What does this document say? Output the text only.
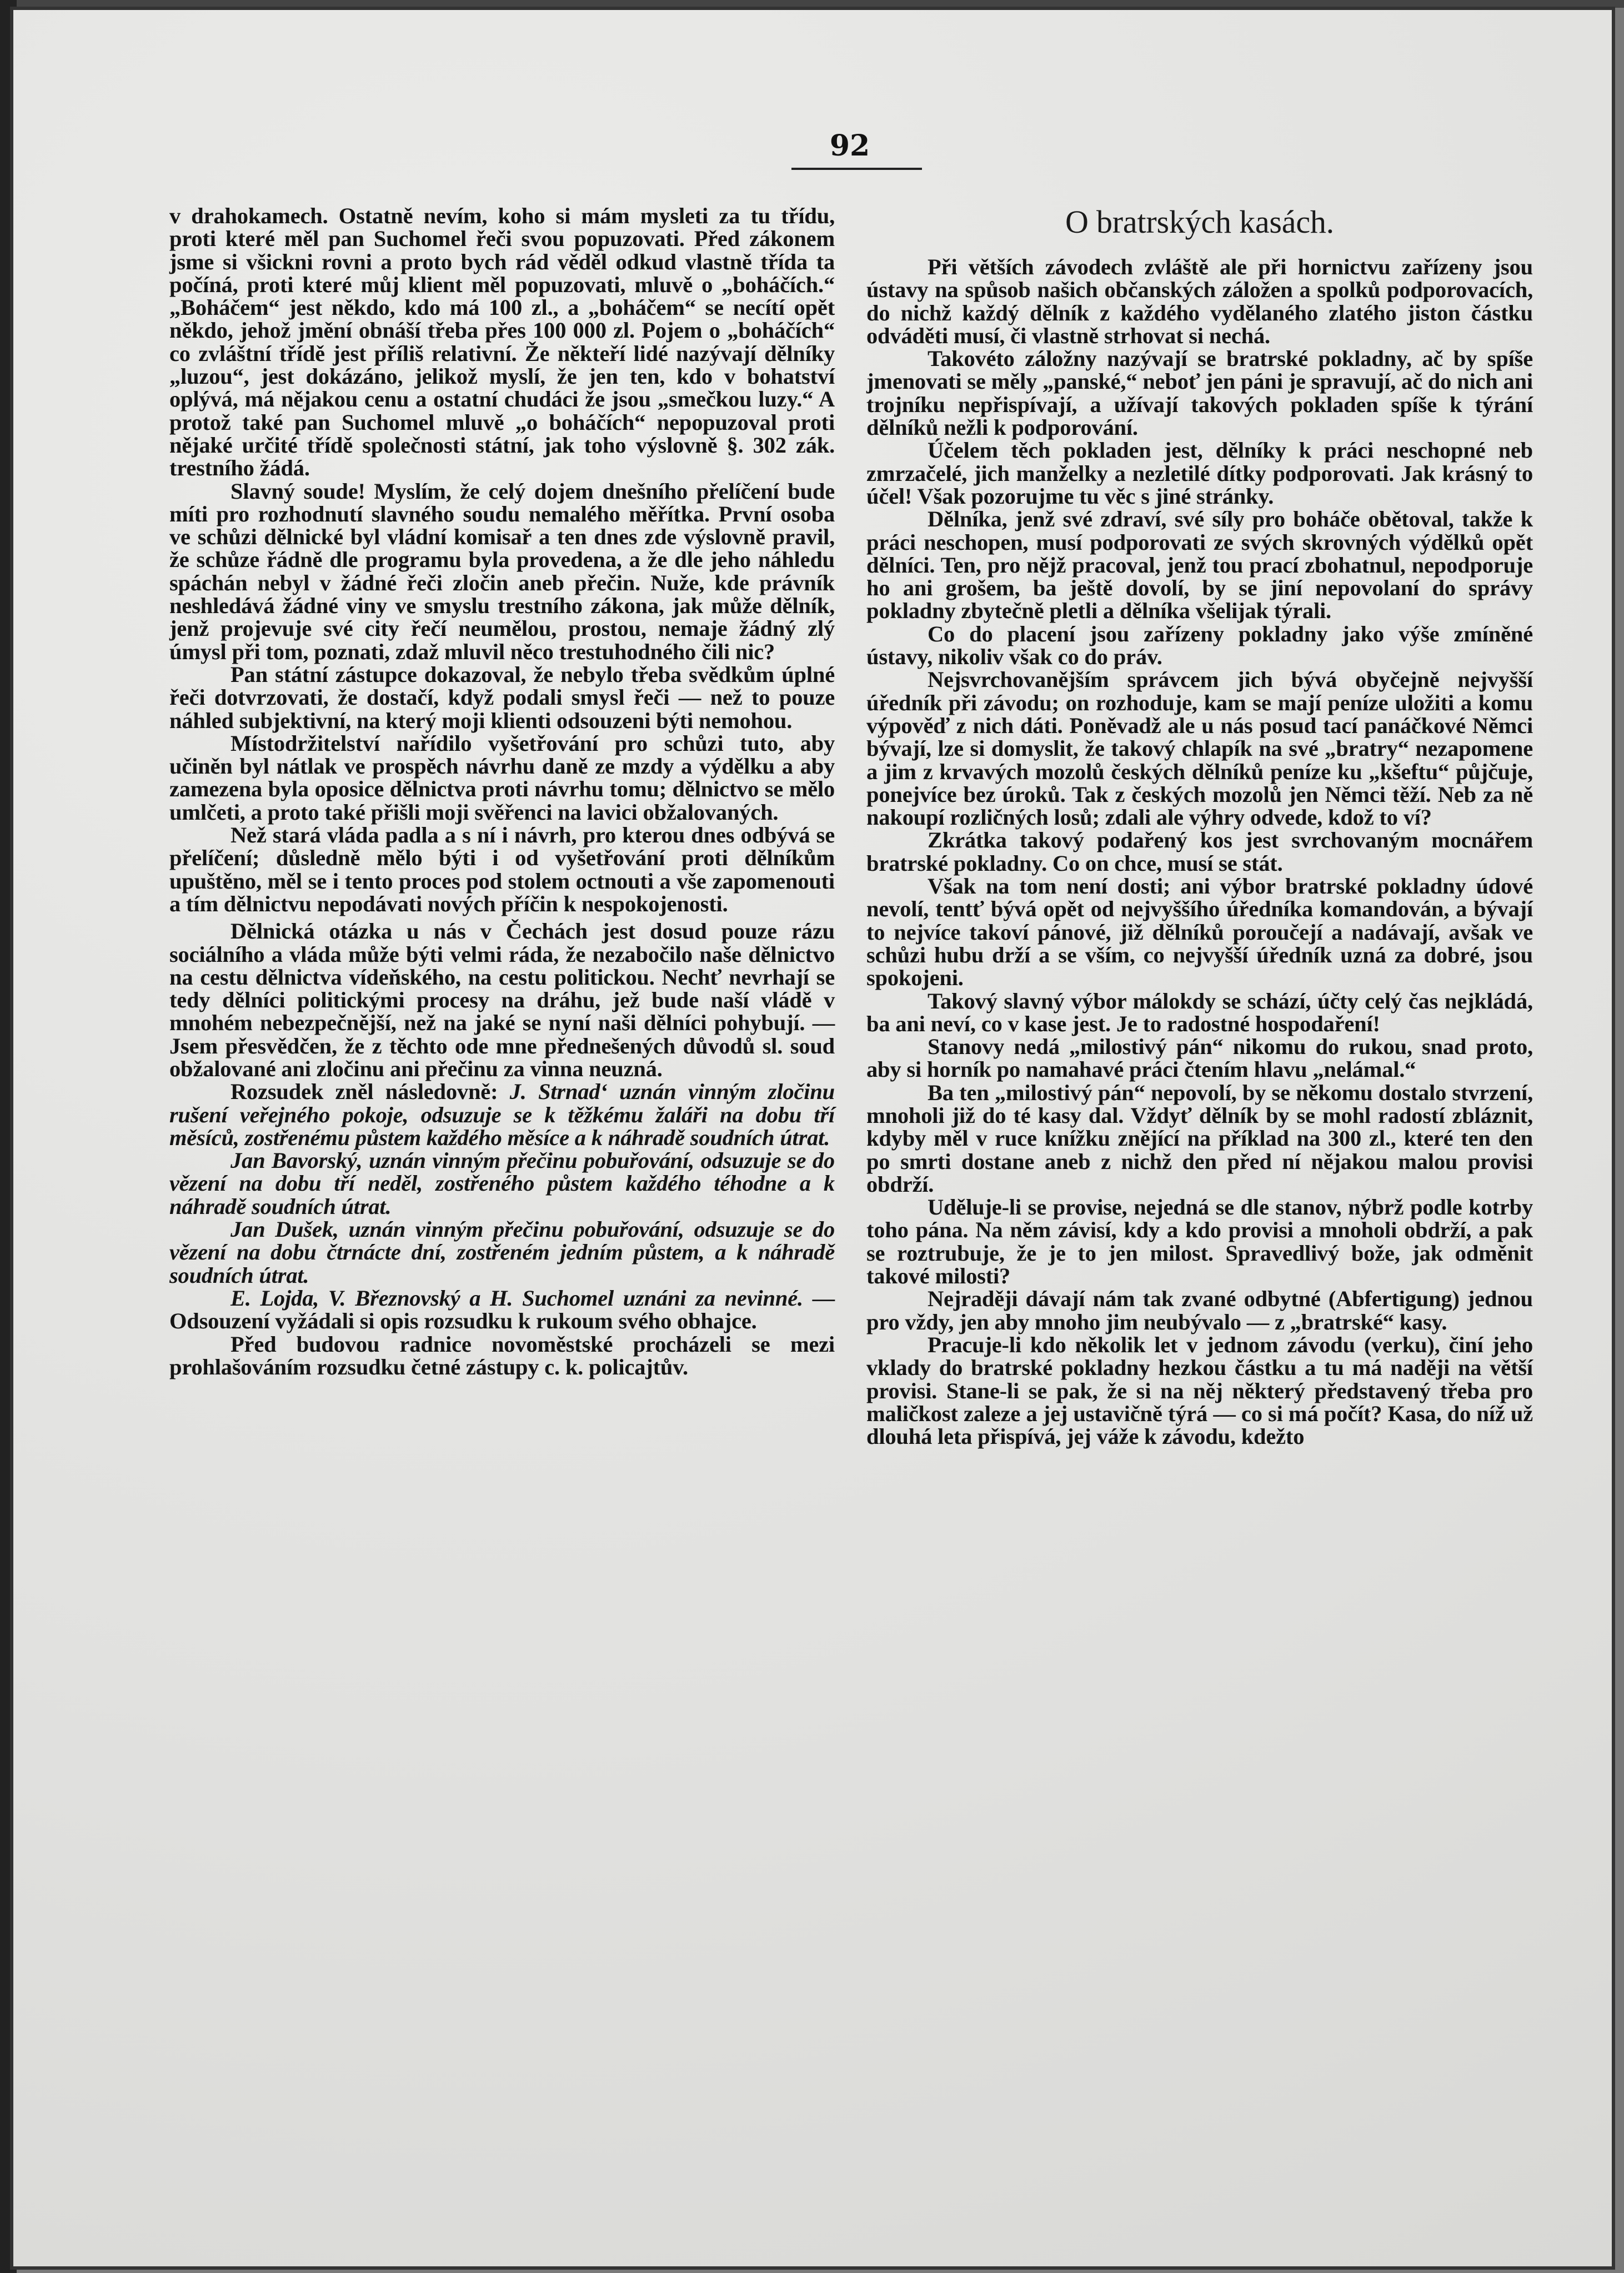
92

v drahokamech. Ostatně nevím, koho si mám mysleti za tu třídu, proti které měl pan Suchomel řeči svou popuzovati. Před zákonem jsme si všickni rovni a proto bych rád věděl odkud vlastně třída ta počíná, proti které můj klient měl popuzovati, mluvě o „boháčích.“ „Boháčem“ jest někdo, kdo má 100 zl., a „boháčem“ se necítí opět někdo, jehož jmění obnáší třeba přes 100 000 zl. Pojem o „boháčích“ co zvláštní třídě jest příliš relativní. Že někteří lidé nazývají dělníky „luzou“, jest dokázáno, jelikož myslí, že jen ten, kdo v bohatství oplývá, má nějakou cenu a ostatní chudáci že jsou „smečkou luzy.“ A protož také pan Suchomel mluvě „o boháčích“ nepopuzoval proti nějaké určité třídě společnosti státní, jak toho výslovně §. 302 zák. trestního žádá.

Slavný soude! Myslím, že celý dojem dnešního přelíčení bude míti pro rozhodnutí slavného soudu nemalého měřítka. První osoba ve schůzi dělnické byl vládní komisař a ten dnes zde výslovně pravil, že schůze řádně dle programu byla provedena, a že dle jeho náhledu spáchán nebyl v žádné řeči zločin aneb přečin. Nuže, kde právník neshledává žádné viny ve smyslu trestního zákona, jak může dělník, jenž projevuje své city řečí neumělou, prostou, nemaje žádný zlý úmysl při tom, poznati, zdaž mluvil něco trestuhodného čili nic?

Pan státní zástupce dokazoval, že nebylo třeba svědkům úplné řeči dotvrzovati, že dostačí, když podali smysl řeči — než to pouze náhled subjektivní, na který moji klienti odsouzeni býti nemohou.

Místodržitelství nařídilo vyšetřování pro schůzi tuto, aby učiněn byl nátlak ve prospěch návrhu daně ze mzdy a výdělku a aby zamezena byla oposice dělnictva proti návrhu tomu; dělnictvo se mělo umlčeti, a proto také přišli moji svěřenci na lavici obžalovaných.

Než stará vláda padla a s ní i návrh, pro kterou dnes odbývá se přelíčení; důsledně mělo býti i od vyšetřování proti dělníkům upuštěno, měl se i tento proces pod stolem octnouti a vše zapomenouti a tím dělnictvu nepodávati nových příčin k nespokojenosti.

Dělnická otázka u nás v Čechách jest dosud pouze rázu sociálního a vláda může býti velmi ráda, že nezabočilo naše dělnictvo na cestu dělnictva vídeňského, na cestu politickou. Nechť nevrhají se tedy dělníci politickými procesy na dráhu, jež bude naší vládě v mnohém nebezpečnější, než na jaké se nyní naši dělníci pohybují. — Jsem přesvědčen, že z těchto ode mne přednešených důvodů sl. soud obžalované ani zločinu ani přečinu za vinna neuzná.

Rozsudek zněl následovně: J. Strnad‘ uznán vinným zločinu rušení veřejného pokoje, odsuzuje se k těžkému žaláři na dobu tří měsíců, zostřenému půstem každého měsíce a k náhradě soudních útrat.

Jan Bavorský, uznán vinným přečinu pobuřování, odsuzuje se do vězení na dobu tří neděl, zostřeného půstem každého téhodne a k náhradě soudních útrat.

Jan Dušek, uznán vinným přečinu pobuřování, odsuzuje se do vězení na dobu čtrnácte dní, zostřeném jedním půstem, a k náhradě soudních útrat.

E. Lojda, V. Březnovský a H. Suchomel uznáni za nevinné. — Odsouzení vyžádali si opis rozsudku k rukoum svého obhajce.

Před budovou radnice novoměstské procházeli se mezi prohlašováním rozsudku četné zástupy c. k. policajtův.

O bratrských kasách.

Při větších závodech zvláště ale při hornictvu zařízeny jsou ústavy na spůsob našich občanských záložen a spolků podporovacích, do nichž každý dělník z každého vydělaného zlatého jiston částku odváděti musí, či vlastně strhovat si nechá.

Takovéto záložny nazývají se bratrské pokladny, ač by spíše jmenovati se měly „panské,“ neboť jen páni je spravují, ač do nich ani trojníku nepřispívají, a užívají takových pokladen spíše k týrání dělníků nežli k podporování.

Účelem těch pokladen jest, dělníky k práci neschopné neb zmrzačelé, jich manželky a nezletilé dítky podporovati. Jak krásný to účel! Však pozorujme tu věc s jiné stránky.

Dělníka, jenž své zdraví, své síly pro boháče obětoval, takže k práci neschopen, musí podporovati ze svých skrovných výdělků opět dělníci. Ten, pro nějž pracoval, jenž tou prací zbohatnul, nepodporuje ho ani grošem, ba ještě dovolí, by se jiní nepovolaní do správy pokladny zbytečně pletli a dělníka všelijak týrali.

Co do placení jsou zařízeny pokladny jako výše zmíněné ústavy, nikoliv však co do práv.

Nejsvrchovanějším správcem jich bývá obyčejně nejvyšší úředník při závodu; on rozhoduje, kam se mají peníze uložiti a komu výpověď z nich dáti. Poněvadž ale u nás posud tací panáčkové Němci bývají, lze si domyslit, že takový chlapík na své „bratry“ nezapomene a jim z krvavých mozolů českých dělníků peníze ku „kšeftu“ půjčuje, ponejvíce bez úroků. Tak z českých mozolů jen Němci těží. Neb za ně nakoupí rozličných losů; zdali ale výhry odvede, kdož to ví?

Zkrátka takový podařený kos jest svrchovaným mocnářem bratrské pokladny. Co on chce, musí se stát.

Však na tom není dosti; ani výbor bratrské pokladny údové nevolí, tentť bývá opět od nejvyššího úředníka komandován, a bývají to nejvíce takoví pánové, již dělníků poroučejí a nadávají, avšak ve schůzi hubu drží a se vším, co nejvyšší úředník uzná za dobré, jsou spokojeni.

Takový slavný výbor málokdy se schází, účty celý čas nejkládá, ba ani neví, co v kase jest. Je to radostné hospodaření!

Stanovy nedá „milostivý pán“ nikomu do rukou, snad proto, aby si horník po namahavé práci čtením hlavu „nelámal.“

Ba ten „milostivý pán“ nepovolí, by se někomu dostalo stvrzení, mnoholi již do té kasy dal. Vždyť dělník by se mohl radostí zbláznit, kdyby měl v ruce knížku znějící na příklad na 300 zl., které ten den po smrti dostane aneb z nichž den před ní nějakou malou provisi obdrží.

Uděluje-li se provise, nejedná se dle stanov, nýbrž podle kotrby toho pána. Na něm závisí, kdy a kdo provisi a mnoholi obdrží, a pak se roztrubuje, že je to jen milost. Spravedlivý bože, jak odměnit takové milosti?

Nejraději dávají nám tak zvané odbytné (Abfertigung) jednou pro vždy, jen aby mnoho jim neubývalo — z „bratrské“ kasy.

Pracuje-li kdo několik let v jednom závodu (verku), činí jeho vklady do bratrské pokladny hezkou částku a tu má naději na větší provisi. Stane-li se pak, že si na něj některý představený třeba pro maličkost zaleze a jej ustavičně týrá — co si má počít? Kasa, do níž už dlouhá leta přispívá, jej váže k závodu, kdežto
